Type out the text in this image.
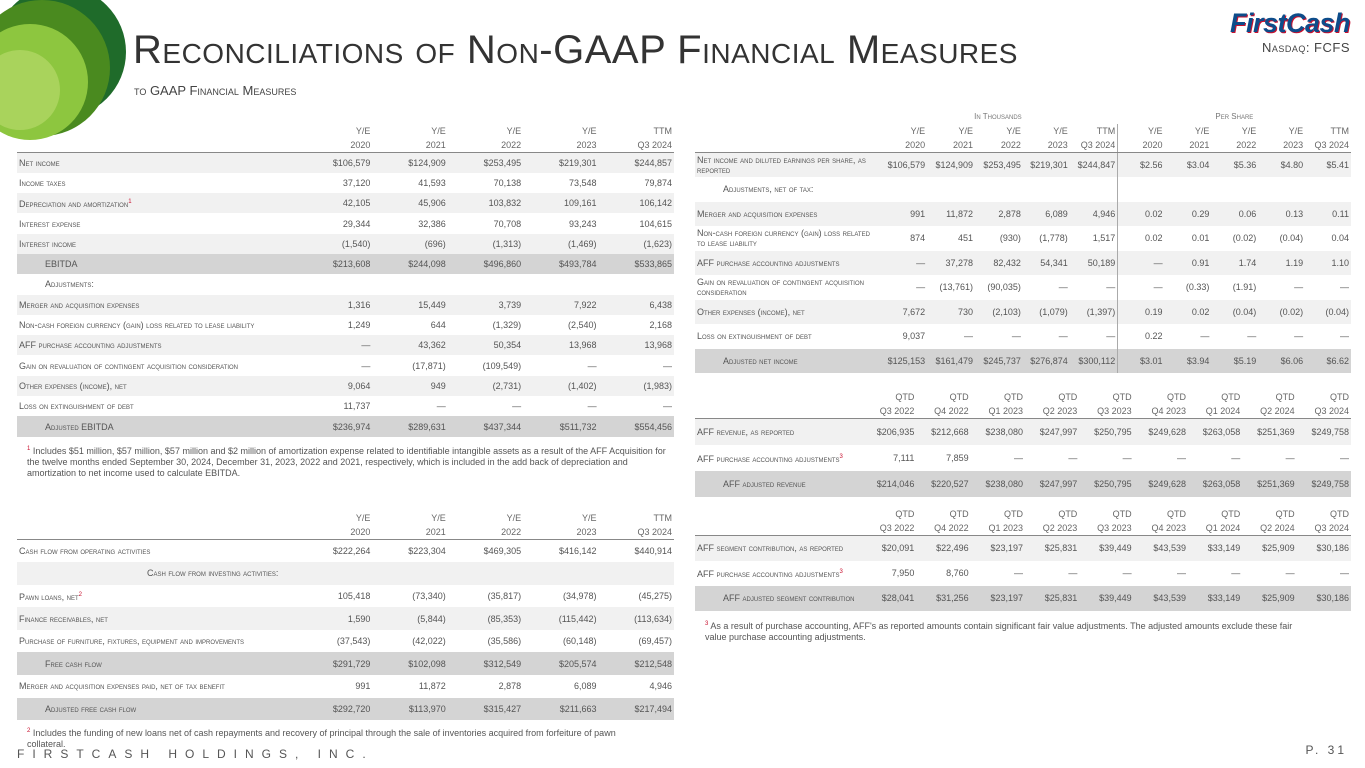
Reconciliations of Non-GAAP Financial Measures
to GAAP Financial Measures
FirstCash
Nasdaq: FCFS
	Y/E	Y/E	Y/E	Y/E	TTM
	2020	2021	2022	2023	Q3 2024
Net income	$106,579	$124,909	$253,495	$219,301	$244,857
Income taxes	37,120	41,593	70,138	73,548	79,874
Depreciation and amortization$^1$	42,105	45,906	103,832	109,161	106,142
Interest expense	29,344	32,386	70,708	93,243	104,615
Interest income	(1,540)	(696)	(1,313)	(1,469)	(1,623)
EBITDA	$213,608	$244,098	$496,860	$493,784	$533,865
Adjustments:					
Merger and acquisition expenses	1,316	15,449	3,739	7,922	6,438
Non-cash foreign currency (gain) loss related to lease liability	1,249	644	(1,329)	(2,540)	2,168
AFF purchase accounting adjustments	—	43,362	50,354	13,968	13,968
Gain on revaluation of contingent acquisition consideration	—	(17,871)	(109,549)	—	—
Other expenses (income), net	9,064	949	(2,731)	(1,402)	(1,983)
Loss on extinguishment of debt	11,737	—	—	—	—
Adjusted EBITDA	$236,974	$289,631	$437,344	$511,732	$554,456
$^1$ Includes $51 million, $57 million, $57 million and $2 million of amortization expense related to identifiable intangible assets as a result of the AFF Acquisition for the twelve months ended September 30, 2024, December 31, 2023, 2022 and 2021, respectively, which is included in the add back of depreciation and amortization to net income used to calculate EBITDA.
	Y/E	Y/E	Y/E	Y/E	TTM
	2020	2021	2022	2023	Q3 2024
Cash flow from operating activities	$222,264	$223,304	$469,305	$416,142	$440,914
Cash flow from investing activities:					
Pawn loans, net$^2$	105,418	(73,340)	(35,817)	(34,978)	(45,275)
Finance receivables, net	1,590	(5,844)	(85,353)	(115,442)	(113,634)
Purchase of furniture, fixtures, equipment and improvements	(37,543)	(42,022)	(35,586)	(60,148)	(69,457)
Free cash flow	$291,729	$102,098	$312,549	$205,574	$212,548
Merger and acquisition expenses paid, net of tax benefit	991	11,872	2,878	6,089	4,946
Adjusted free cash flow	$292,720	$113,970	$315,427	$211,663	$217,494
$^2$ Includes the funding of new loans net of cash repayments and recovery of principal through the sale of inventories acquired from forfeiture of pawn collateral.
	In Thousands					Per Share				
	Y/E	Y/E	Y/E	Y/E	TTM	Y/E	Y/E	Y/E	Y/E	TTM
	2020	2021	2022	2023	Q3 2024	2020	2021	2022	2023	Q3 2024
Net income and diluted earnings per share, as reported	$106,579	$124,909	$253,495	$219,301	$244,847	$2.56	$3.04	$5.36	$4.80	$5.41
Adjustments, net of tax:										
Merger and acquisition expenses	991	11,872	2,878	6,089	4,946	0.02	0.29	0.06	0.13	0.11
Non-cash foreign currency (gain) loss related to lease liability	874	451	(930)	(1,778)	1,517	0.02	0.01	(0.02)	(0.04)	0.04
AFF purchase accounting adjustments	—	37,278	82,432	54,341	50,189	—	0.91	1.74	1.19	1.10
Gain on revaluation of contingent acquisition consideration	—	(13,761)	(90,035)	—	—	—	(0.33)	(1.91)	—	—
Other expenses (income), net	7,672	730	(2,103)	(1,079)	(1,397)	0.19	0.02	(0.04)	(0.02)	(0.04)
Loss on extinguishment of debt	9,037	—	—	—	—	0.22	—	—	—	—
Adjusted net income	$125,153	$161,479	$245,737	$276,874	$300,112	$3.01	$3.94	$5.19	$6.06	$6.62
	QTD	QTD	QTD	QTD	QTD	QTD	QTD	QTD	QTD
	Q3 2022	Q4 2022	Q1 2023	Q2 2023	Q3 2023	Q4 2023	Q1 2024	Q2 2024	Q3 2024
AFF revenue, as reported	$206,935	$212,668	$238,080	$247,997	$250,795	$249,628	$263,058	$251,369	$249,758
AFF purchase accounting adjustments$^3$	7,111	7,859	—	—	—	—	—	—	—
AFF adjusted revenue	$214,046	$220,527	$238,080	$247,997	$250,795	$249,628	$263,058	$251,369	$249,758
	QTD	QTD	QTD	QTD	QTD	QTD	QTD	QTD	QTD
	Q3 2022	Q4 2022	Q1 2023	Q2 2023	Q3 2023	Q4 2023	Q1 2024	Q2 2024	Q3 2024
AFF segment contribution, as reported	$20,091	$22,496	$23,197	$25,831	$39,449	$43,539	$33,149	$25,909	$30,186
AFF purchase accounting adjustments$^3$	7,950	8,760	—	—	—	—	—	—	—
AFF adjusted segment contribution	$28,041	$31,256	$23,197	$25,831	$39,449	$43,539	$33,149	$25,909	$30,186
$^3$ As a result of purchase accounting, AFF's as reported amounts contain significant fair value adjustments. The adjusted amounts exclude these fair value purchase accounting adjustments.
FIRSTCASH HOLDINGS, INC.	P. 31
